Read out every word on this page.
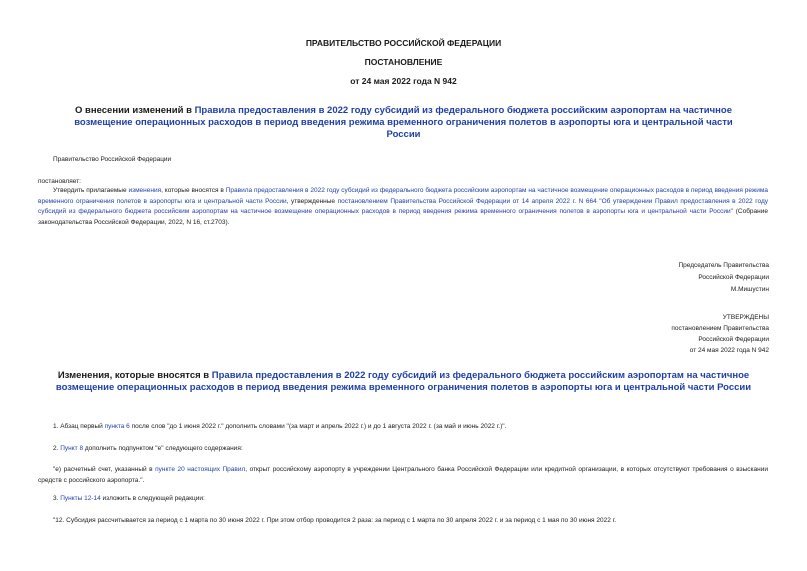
ПРАВИТЕЛЬСТВО РОССИЙСКОЙ ФЕДЕРАЦИИ
ПОСТАНОВЛЕНИЕ
от 24 мая 2022 года N 942
О внесении изменений в Правила предоставления в 2022 году субсидий из федерального бюджета российским аэропортам на частичное возмещение операционных расходов в период введения режима временного ограничения полетов в аэропорты юга и центральной части России
Правительство Российской Федерации
постановляет:
Утвердить прилагаемые изменения, которые вносятся в Правила предоставления в 2022 году субсидий из федерального бюджета российским аэропортам на частичное возмещение операционных расходов в период введения режима временного ограничения полетов в аэропорты юга и центральной части России, утвержденные постановлением Правительства Российской Федерации от 14 апреля 2022 г. N 664 "Об утверждении Правил предоставления в 2022 году субсидий из федерального бюджета российским аэропортам на частичное возмещение операционных расходов в период введения режима временного ограничения полетов в аэропорты юга и центральной части России" (Собрание законодательства Российской Федерации, 2022, N 16, ст.2703).
Председатель Правительства
Российской Федерации
М.Мишустин
УТВЕРЖДЕНЫ
постановлением Правительства
Российской Федерации
от 24 мая 2022 года N 942
Изменения, которые вносятся в Правила предоставления в 2022 году субсидий из федерального бюджета российским аэропортам на частичное возмещение операционных расходов в период введения режима временного ограничения полетов в аэропорты юга и центральной части России
1. Абзац первый пункта 6 после слов "до 1 июня 2022 г." дополнить словами "(за март и апрель 2022 г.) и до 1 августа 2022 г. (за май и июнь 2022 г.)".
2. Пункт 8 дополнить подпунктом "е" следующего содержания:
"е) расчетный счет, указанный в пункте 20 настоящих Правил, открыт российскому аэропорту в учреждении Центрального банка Российской Федерации или кредитной организации, в которых отсутствуют требования о взыскании средств с российского аэропорта.".
3. Пункты 12-14 изложить в следующей редакции:
"12. Субсидия рассчитывается за период с 1 марта по 30 июня 2022 г. При этом отбор проводится 2 раза: за период с 1 марта по 30 апреля 2022 г. и за период с 1 мая по 30 июня 2022 г.
